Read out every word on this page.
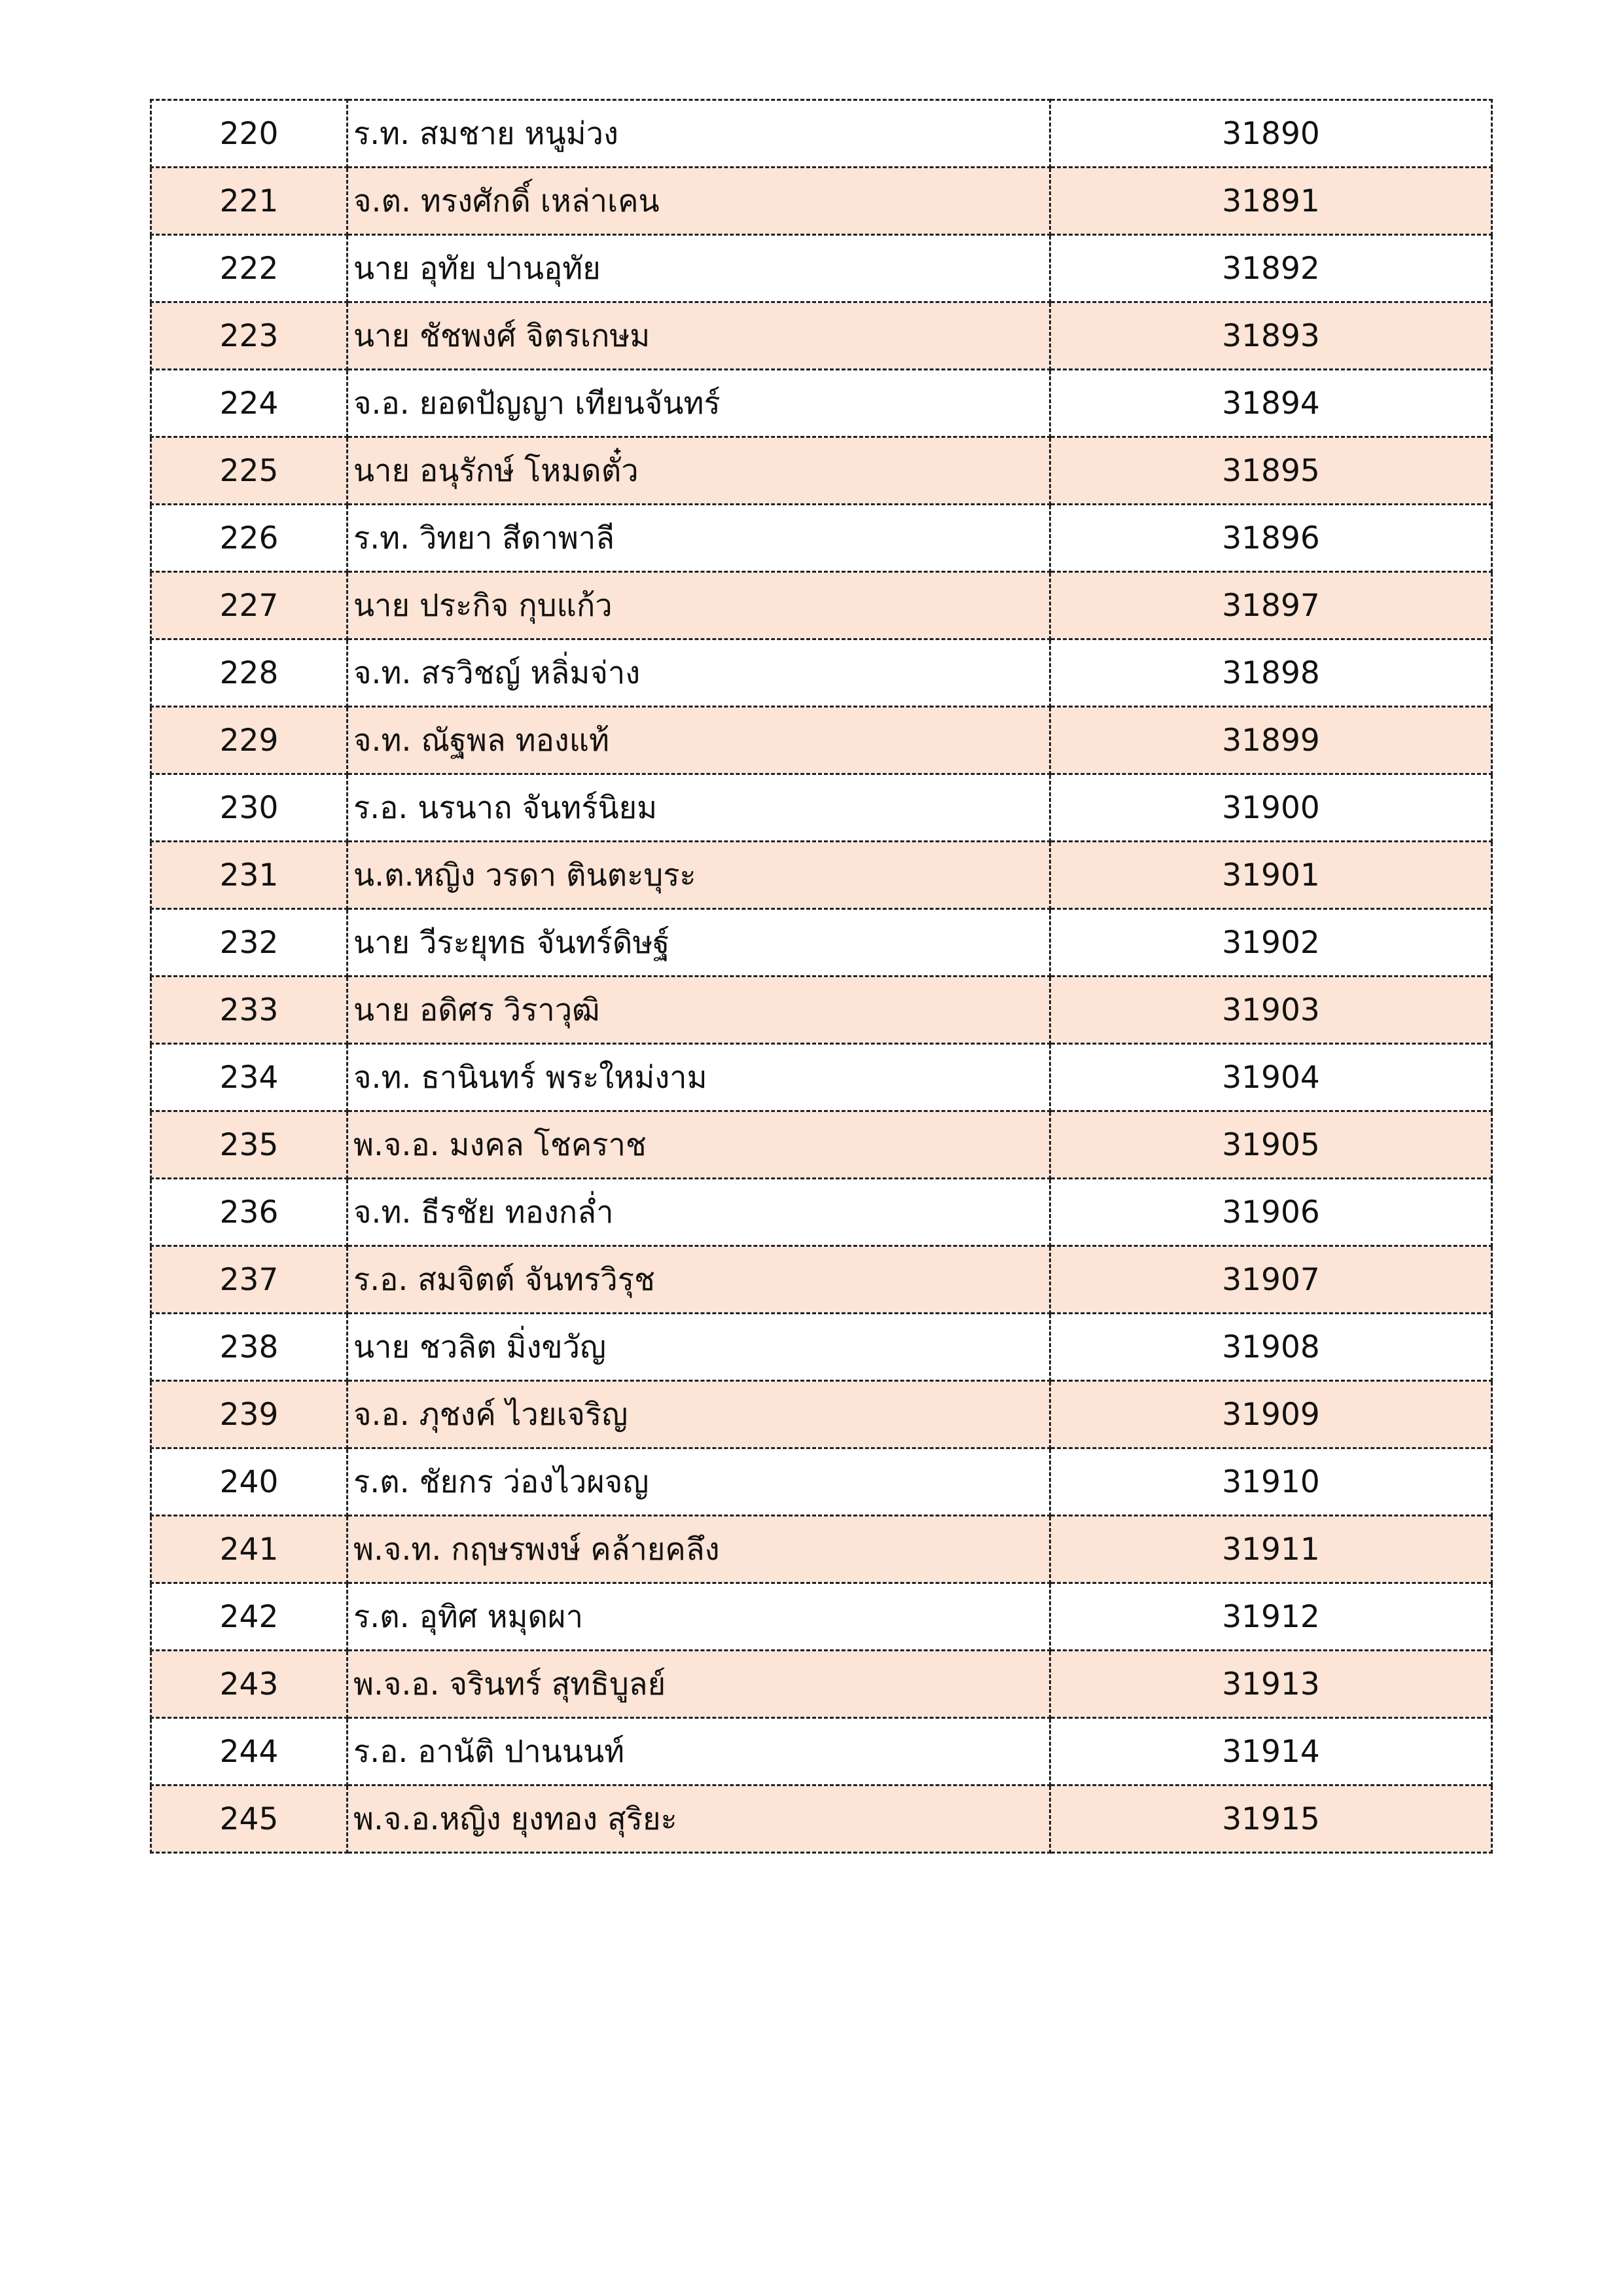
220	ร.ท. สมชาย หนูม่วง	31890
221	จ.ต. ทรงศักดิ์ เหล่าเคน	31891
222	นาย อุทัย ปานอุทัย	31892
223	นาย ชัชพงศ์ จิตรเกษม	31893
224	จ.อ. ยอดปัญญา เทียนจันทร์	31894
225	นาย อนุรักษ์ โหมดตั๋ว	31895
226	ร.ท. วิทยา สีดาพาลี	31896
227	นาย ประกิจ กุบแก้ว	31897
228	จ.ท. สรวิชญ์ หลิ่มจ่าง	31898
229	จ.ท. ณัฐพล ทองแท้	31899
230	ร.อ. นรนาถ จันทร์นิยม	31900
231	น.ต.หญิง วรดา ตินตะบุระ	31901
232	นาย วีระยุทธ จันทร์ดิษฐ์	31902
233	นาย อดิศร วิราวุฒิ	31903
234	จ.ท. ธานินทร์ พระใหม่งาม	31904
235	พ.จ.อ. มงคล โชคราช	31905
236	จ.ท. ธีรชัย ทองกล่ำ	31906
237	ร.อ. สมจิตต์ จันทรวิรุช	31907
238	นาย ชวลิต มิ่งขวัญ	31908
239	จ.อ. ภุชงค์ ไวยเจริญ	31909
240	ร.ต. ชัยกร ว่องไวผจญ	31910
241	พ.จ.ท. กฤษรพงษ์ คล้ายคลึง	31911
242	ร.ต. อุทิศ หมุดผา	31912
243	พ.จ.อ. จรินทร์ สุทธิบูลย์	31913
244	ร.อ. อานัติ ปานนนท์	31914
245	พ.จ.อ.หญิง ยุงทอง สุริยะ	31915
